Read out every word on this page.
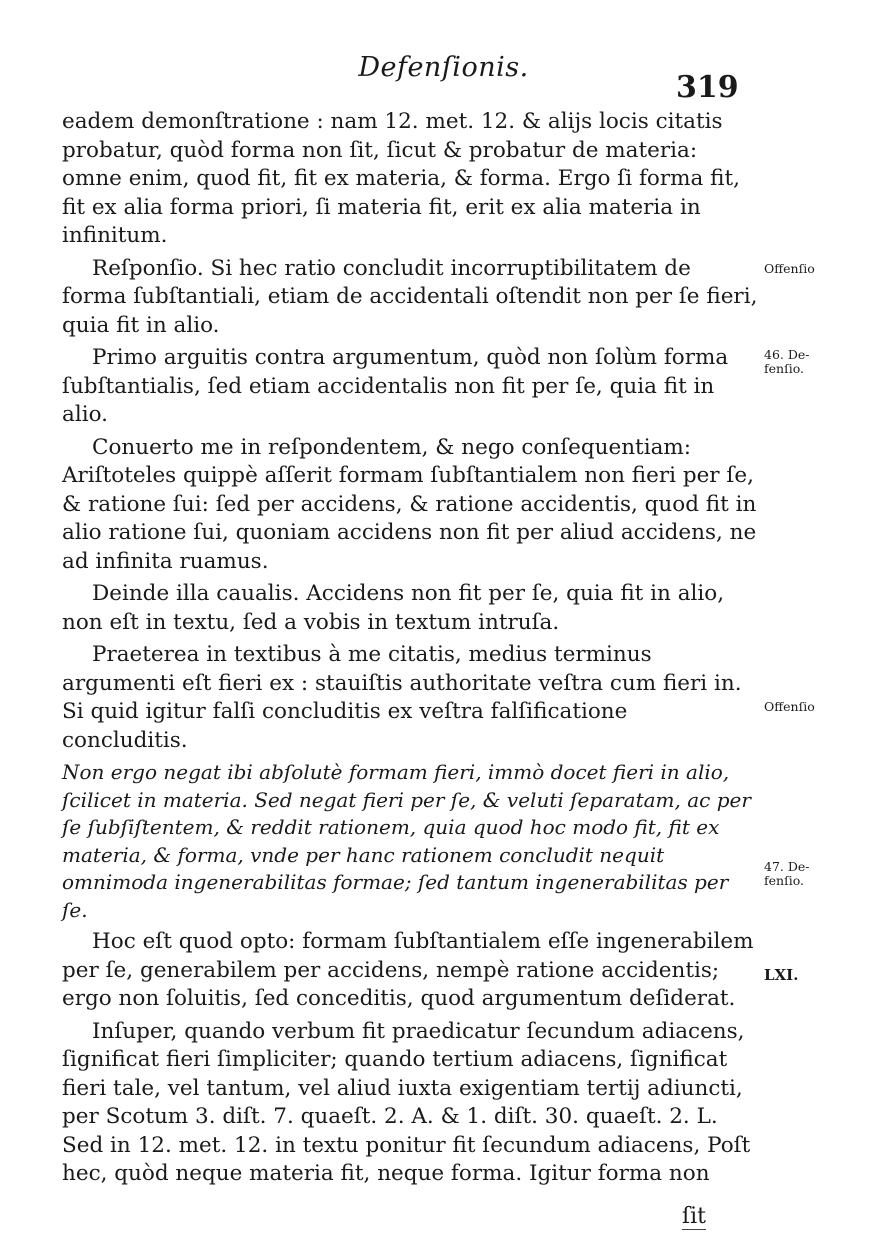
Defenſionis.
319

eadem demonſtratione : nam 12. met. 12. & alijs locis citatis probatur, quòd forma non ſit, ſicut & probatur de materia: omne enim, quod fit, fit ex materia, & forma. Ergo ſi forma fit, fit ex alia forma priori, ſi materia fit, erit ex alia materia in infinitum.

Reſponſio. Si hec ratio concludit incorruptibilitatem de forma ſubſtantiali, etiam de accidentali oſtendit non per ſe fieri, quia fit in alio.

Primo arguitis contra argumentum, quòd non ſolùm forma ſubſtantialis, ſed etiam accidentalis non fit per ſe, quia fit in alio.

Conuerto me in reſpondentem, & nego conſequentiam: Ariſtoteles quippè aſſerit formam ſubſtantialem non fieri per ſe, & ratione ſui: ſed per accidens, & ratione accidentis, quod fit in alio ratione ſui, quoniam accidens non fit per aliud accidens, ne ad infinita ruamus.

Deinde illa caualis. Accidens non fit per ſe, quia fit in alio, non eſt in textu, ſed a vobis in textum intruſa.

Praeterea in textibus à me citatis, medius terminus argumenti eſt fieri ex : stauiſtis authoritate veſtra cum fieri in. Si quid igitur falſi concluditis ex veſtra falſificatione concluditis.

Non ergo negat ibi abſolutè formam fieri, immò docet fieri in alio, ſcilicet in materia. Sed negat fieri per ſe, & veluti ſeparatam, ac per ſe ſubſiſtentem, & reddit rationem, quia quod hoc modo fit, fit ex materia, & forma, vnde per hanc rationem concludit nequit omnimoda ingenerabilitas formae; ſed tantum ingenerabilitas per ſe.

Hoc eſt quod opto: formam ſubſtantialem eſſe ingenerabilem per ſe, generabilem per accidens, nempè ratione accidentis; ergo non ſoluitis, ſed conceditis, quod argumentum deſiderat.

Inſuper, quando verbum fit praedicatur ſecundum adiacens, ſignificat fieri ſimpliciter; quando tertium adiacens, ſignificat fieri tale, vel tantum, vel aliud iuxta exigentiam tertij adiuncti, per Scotum 3. diſt. 7. quaeſt. 2. A. & 1. diſt. 30. quaeſt. 2. L. Sed in 12. met. 12. in textu ponitur fit ſecundum adiacens, Poſt hec, quòd neque materia fit, neque forma. Igitur forma non

Offenſio
46. De-
fenſio.
Offenſio
47. De-
fenſio.
LXI.
ſit
